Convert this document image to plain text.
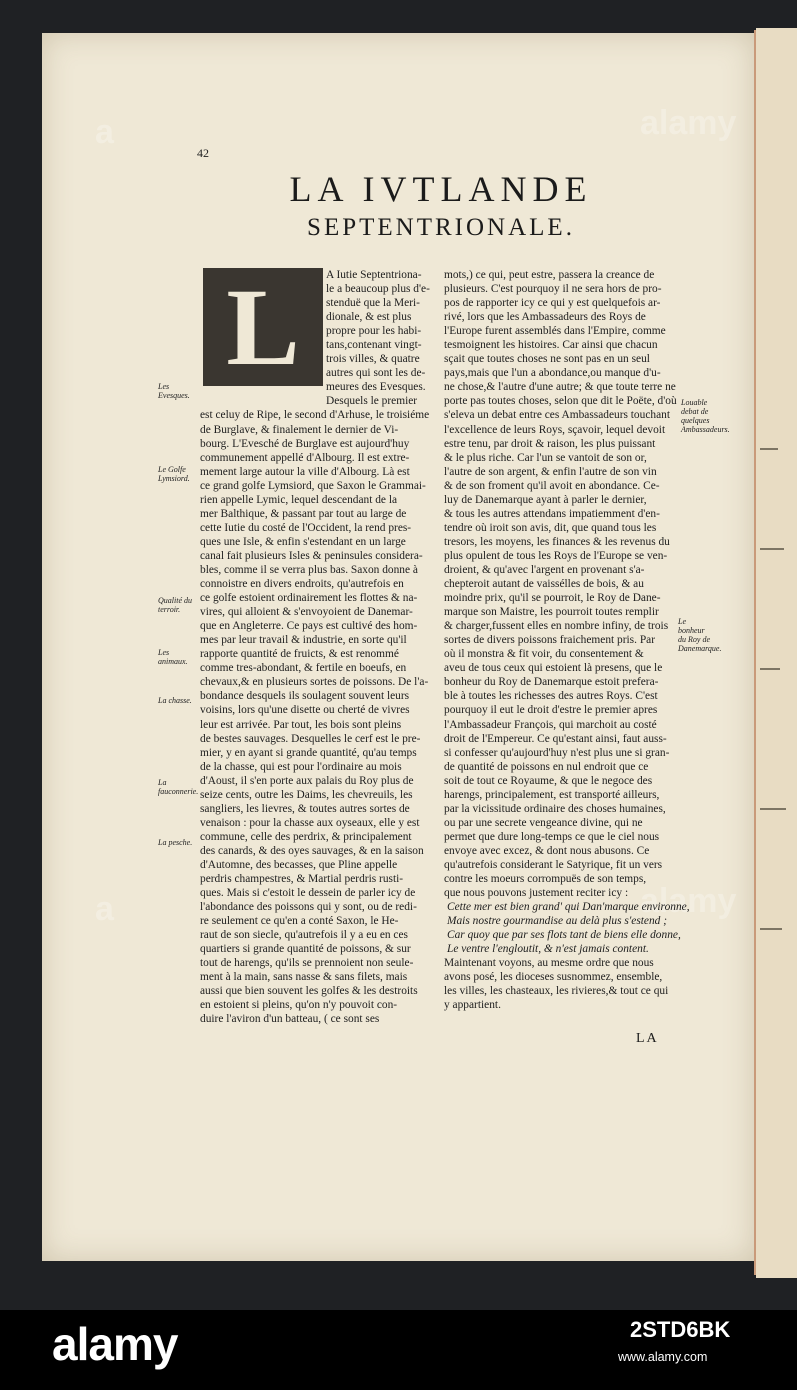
a	alamy
a	alamy
42
LA IVTLANDE
SEPTENTRIONALE.
L	A Iutie Septentriona-

le a beaucoup plus d'e-

stenduë que la Meri-

dionale, & est plus

propre pour les habi-

tans,contenant vingt-

trois villes, & quatre

autres qui sont les de-

meures des Evesques.

Desquels le premier

est celuy de Ripe, le second d'Arhuse, le troisiéme

de Burglave, & finalement le dernier de Vi-

bourg. L'Evesché de Burglave est aujourd'huy

communement appellé d'Albourg. Il est extre-

mement large autour la ville d'Albourg. Là est

ce grand golfe Lymsiord, que Saxon le Grammai-

rien appelle Lymic, lequel descendant de la

mer Balthique, & passant par tout au large de

cette Iutie du costé de l'Occident, la rend pres-

ques une Isle, & enfin s'estendant en un large

canal fait plusieurs Isles & peninsules considera-

bles, comme il se verra plus bas. Saxon donne à

connoistre en divers endroits, qu'autrefois en

ce golfe estoient ordinairement les flottes & na-

vires, qui alloient & s'envoyoient de Danemar-

que en Angleterre. Ce pays est cultivé des hom-

mes par leur travail & industrie, en sorte qu'il

rapporte quantité de fruicts, & est renommé

comme tres-abondant, & fertile en boeufs, en

chevaux,& en plusieurs sortes de poissons. De l'a-

bondance desquels ils soulagent souvent leurs

voisins, lors qu'une disette ou cherté de vivres

leur est arrivée. Par tout, les bois sont pleins

de bestes sauvages. Desquelles le cerf est le pre-

mier, y en ayant si grande quantité, qu'au temps

de la chasse, qui est pour l'ordinaire au mois

d'Aoust, il s'en porte aux palais du Roy plus de

seize cents, outre les Daims, les chevreuils, les

sangliers, les lievres, & toutes autres sortes de

venaison : pour la chasse aux oyseaux, elle y est

commune, celle des perdrix, & principalement

des canards, & des oyes sauvages, & en la saison

d'Automne, des becasses, que Pline appelle

perdris champestres, & Martial perdris rusti-

ques. Mais si c'estoit le dessein de parler icy de

l'abondance des poissons qui y sont, ou de redi-

re seulement ce qu'en a conté Saxon, le He-

raut de son siecle, qu'autrefois il y a eu en ces

quartiers si grande quantité de poissons, & sur

tout de harengs, qu'ils se prennoient non seule-

ment à la main, sans nasse & sans filets, mais

aussi que bien souvent les golfes & les destroits

en estoient si pleins, qu'on n'y pouvoit con-

duire l'aviron d'un batteau, ( ce sont ses

mots,) ce qui, peut estre, passera la creance de

plusieurs. C'est pourquoy il ne sera hors de pro-

pos de rapporter icy ce qui y est quelquefois ar-

rivé, lors que les Ambassadeurs des Roys de

l'Europe furent assemblés dans l'Empire, comme

tesmoignent les histoires. Car ainsi que chacun

sçait que toutes choses ne sont pas en un seul

pays,mais que l'un a abondance,ou manque d'u-

ne chose,& l'autre d'une autre; & que toute terre ne

porte pas toutes choses, selon que dit le Poëte, d'où

s'eleva un debat entre ces Ambassadeurs touchant

l'excellence de leurs Roys, sçavoir, lequel devoit

estre tenu, par droit & raison, les plus puissant

& le plus riche. Car l'un se vantoit de son or,

l'autre de son argent, & enfin l'autre de son vin

& de son froment qu'il avoit en abondance. Ce-

luy de Danemarque ayant à parler le dernier,

& tous les autres attendans impatiemment d'en-

tendre où iroit son avis, dit, que quand tous les

tresors, les moyens, les finances & les revenus du

plus opulent de tous les Roys de l'Europe se ven-

droient, & qu'avec l'argent en provenant s'a-

chepteroit autant de vaissélles de bois, & au

moindre prix, qu'il se pourroit, le Roy de Dane-

marque son Maistre, les pourroit toutes remplir

& charger,fussent elles en nombre infiny, de trois

sortes de divers poissons fraichement pris. Par

où il monstra & fit voir, du consentement &

aveu de tous ceux qui estoient là presens, que le

bonheur du Roy de Danemarque estoit prefera-

ble à toutes les richesses des autres Roys. C'est

pourquoy il eut le droit d'estre le premier apres

l'Ambassadeur François, qui marchoit au costé

droit de l'Empereur. Ce qu'estant ainsi, faut auss-

si confesser qu'aujourd'huy n'est plus une si gran-

de quantité de poissons en nul endroit que ce

soit de tout ce Royaume, & que le negoce des

harengs, principalement, est transporté ailleurs,

par la vicissitude ordinaire des choses humaines,

ou par une secrete vengeance divine, qui ne

permet que dure long-temps ce que le ciel nous

envoye avec excez, & dont nous abusons. Ce

qu'autrefois considerant le Satyrique, fit un vers

contre les moeurs corrompuës de son temps,

que nous pouvons justement reciter icy :

Cette mer est bien grand' qui Dan'marque environne,

Mais nostre gourmandise au delà plus s'estend ;

Car quoy que par ses flots tant de biens elle donne,

Le ventre l'engloutit, & n'est jamais content.

Maintenant voyons, au mesme ordre que nous

avons posé, les dioceses susnommez, ensemble,

les villes, les chasteaux, les rivieres,& tout ce qui

y appartient.

Les Evesques.
Le Golfe Lymsiord.
Qualité du terroir.
Les animaux.
La chasse.
La fauconnerie.
La pesche.
Louable debat de quelques Ambassadeurs.
Le bonheur du Roy de Danemarque.
LA
alamy	2STD6BK
www.alamy.com
